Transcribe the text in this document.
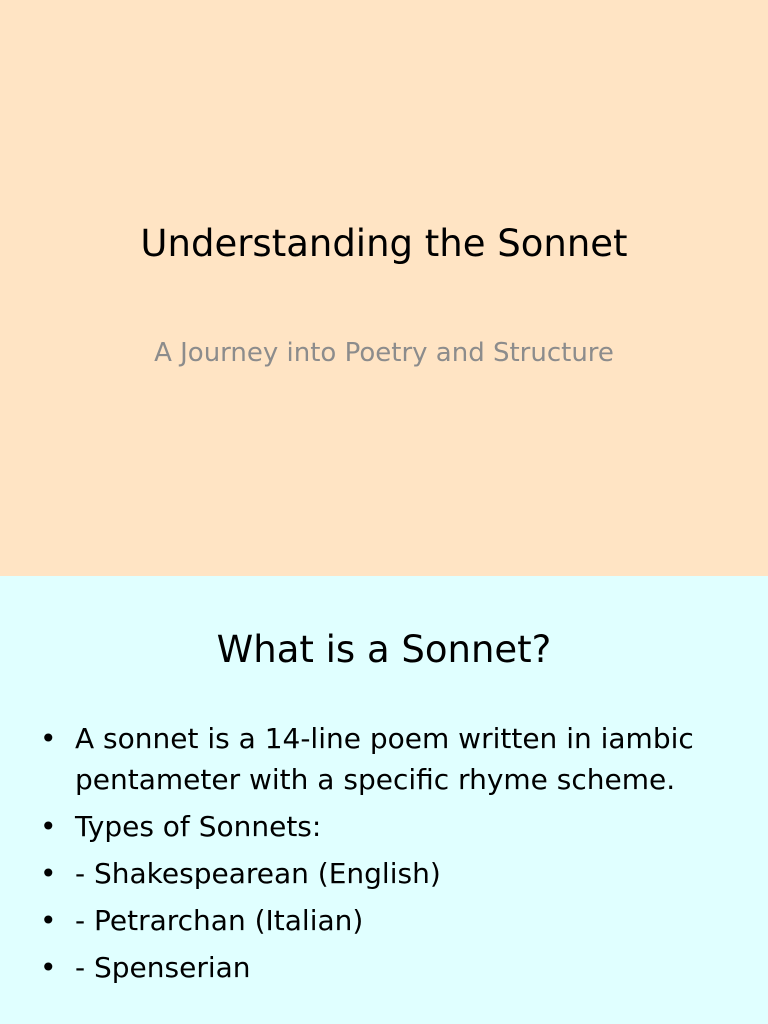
Understanding the Sonnet
A Journey into Poetry and Structure
What is a Sonnet?
• A sonnet is a 14-line poem written in iambic pentameter with a specific rhyme scheme.
• Types of Sonnets:
• - Shakespearean (English)
• - Petrarchan (Italian)
• - Spenserian
